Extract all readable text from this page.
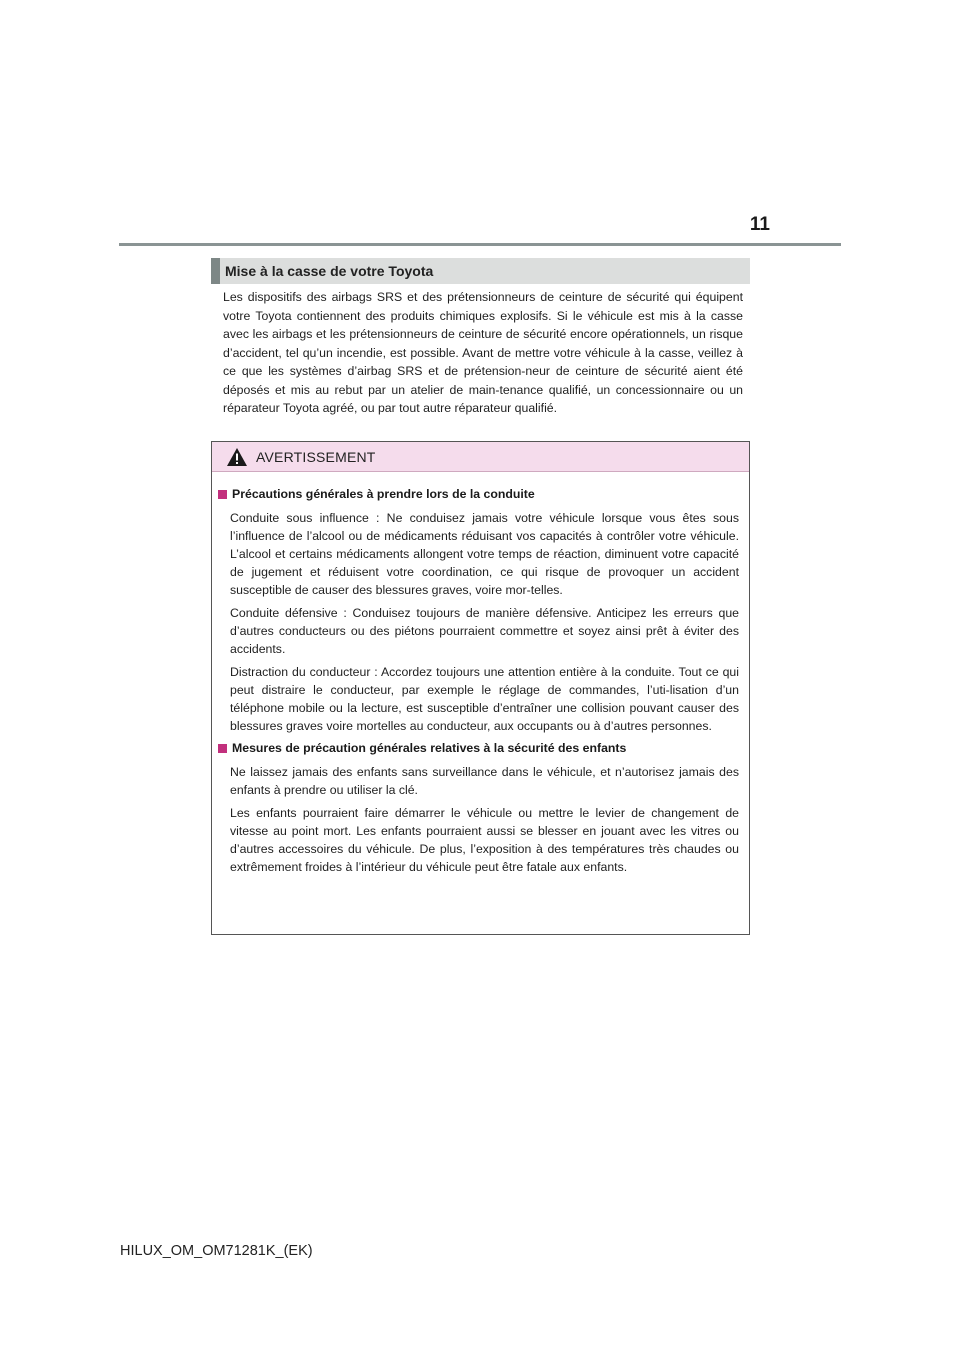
11
Mise à la casse de votre Toyota

Les dispositifs des airbags SRS et des prétensionneurs de ceinture de sécurité qui équipent votre Toyota contiennent des produits chimiques explosifs. Si le véhicule est mis à la casse avec les airbags et les prétensionneurs de ceinture de sécurité encore opérationnels, un risque d’accident, tel qu’un incendie, est possible. Avant de mettre votre véhicule à la casse, veillez à ce que les systèmes d’airbag SRS et de prétension-neur de ceinture de sécurité aient été déposés et mis au rebut par un atelier de main-tenance qualifié, un concessionnaire ou un réparateur Toyota agréé, ou par tout autre réparateur qualifié.

AVERTISSEMENT
Précautions générales à prendre lors de la conduite

Conduite sous influence : Ne conduisez jamais votre véhicule lorsque vous êtes sous l’influence de l’alcool ou de médicaments réduisant vos capacités à contrôler votre véhicule. L’alcool et certains médicaments allongent votre temps de réaction, diminuent votre capacité de jugement et réduisent votre coordination, ce qui risque de provoquer un accident susceptible de causer des blessures graves, voire mor-telles.

Conduite défensive : Conduisez toujours de manière défensive. Anticipez les erreurs que d’autres conducteurs ou des piétons pourraient commettre et soyez ainsi prêt à éviter des accidents.

Distraction du conducteur : Accordez toujours une attention entière à la conduite. Tout ce qui peut distraire le conducteur, par exemple le réglage de commandes, l’uti-lisation d’un téléphone mobile ou la lecture, est susceptible d’entraîner une collision pouvant causer des blessures graves voire mortelles au conducteur, aux occupants ou à d’autres personnes.

Mesures de précaution générales relatives à la sécurité des enfants

Ne laissez jamais des enfants sans surveillance dans le véhicule, et n’autorisez jamais des enfants à prendre ou utiliser la clé.

Les enfants pourraient faire démarrer le véhicule ou mettre le levier de changement de vitesse au point mort. Les enfants pourraient aussi se blesser en jouant avec les vitres ou d’autres accessoires du véhicule. De plus, l’exposition à des températures très chaudes ou extrêmement froides à l’intérieur du véhicule peut être fatale aux enfants.

HILUX_OM_OM71281K_(EK)
